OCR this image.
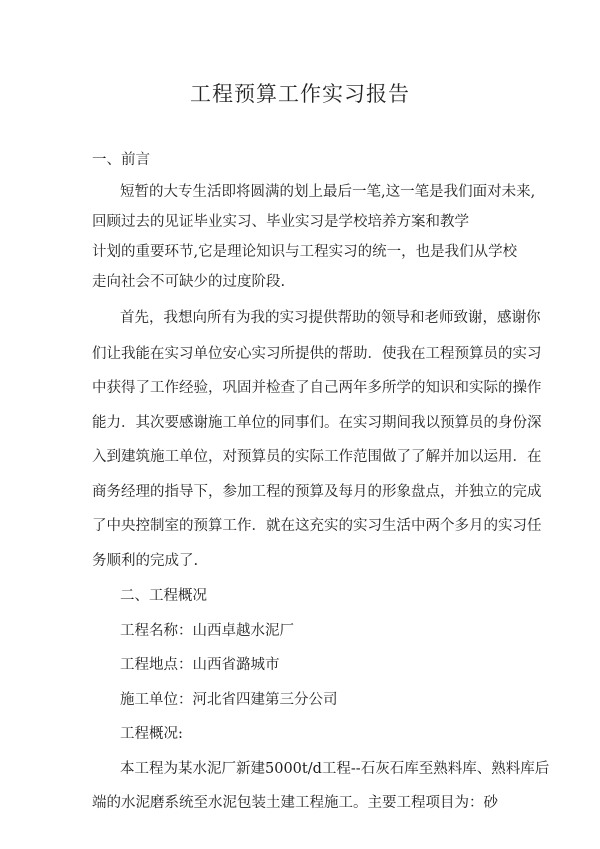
工程预算工作实习报告
一、前言
短暂的大专生活即将圆满的划上最后一笔,这一笔是我们面对未来,
回顾过去的见证毕业实习、毕业实习是学校培养方案和教学
计划的重要环节,它是理论知识与工程实习的统一，也是我们从学校
走向社会不可缺少的过度阶段.
首先，我想向所有为我的实习提供帮助的领导和老师致谢，感谢你
们让我能在实习单位安心实习所提供的帮助．使我在工程预算员的实习
中获得了工作经验，巩固并检查了自己两年多所学的知识和实际的操作
能力．其次要感谢施工单位的同事们。在实习期间我以预算员的身份深
入到建筑施工单位，对预算员的实际工作范围做了了解并加以运用．在
商务经理的指导下，参加工程的预算及每月的形象盘点，并独立的完成
了中央控制室的预算工作．就在这充实的实习生活中两个多月的实习任
务顺利的完成了.
二、工程概况
工程名称：山西卓越水泥厂
工程地点：山西省潞城市
施工单位：河北省四建第三分公司
工程概况:
本工程为某水泥厂新建5000t/d工程--石灰石库至熟料库、熟料库后
端的水泥磨系统至水泥包装土建工程施工。主要工程项目为：砂
